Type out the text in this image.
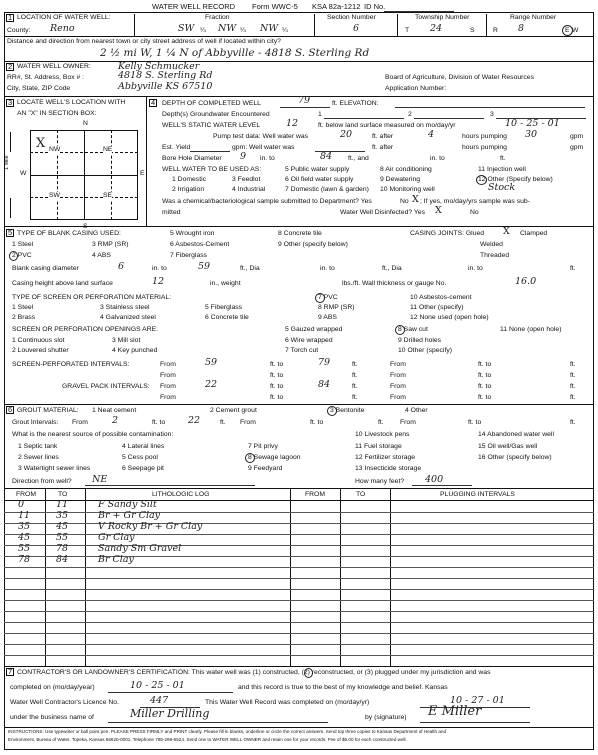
WATER WELL RECORD Form WWC-5 KSA 82a-1212 ID No.
1 LOCATION OF WATER WELL:	Fraction	Section Number	Township Number	Range Number
County: Reno	SW ¼ NW ¼ NW ¼	6	T 24	S	R 8	E W
Distance and direction from nearest town or city street address of well if located within city?
2 ½ mi W, 1 ¼ N of Abbyville - 4818 S. Sterling Rd
2 WATER WELL OWNER:	Kelly Schmucker
RR#, St. Address, Box # :	4818 S. Sterling Rd
City, State, ZIP Code	Abbyville KS 67510
Board of Agriculture, Division of Water Resources
Application Number:
3 LOCATE WELL'S LOCATION WITH
AN "X" IN SECTION BOX:
N
S
W	E
NW	NE
SW	SE
X
1 Mile
4 DEPTH OF COMPLETED WELL	79	ft. ELEVATION:
Depth(s) Groundwater Encountered	1	2	3
WELL'S STATIC WATER LEVEL	12	ft. below land surface measured on mo/day/yr	10 - 25 - 01
Pump test data: Well water was	20	ft. after	4	hours pumping 30	gpm
Est. Yield	gpm: Well water was	ft. after	hours pumping	gpm
Bore Hole Diameter 9 in. to	84 ft., and	in. to	ft.
WELL WATER TO BE USED AS:
1 Domestic
2 Irrigation
3 Feedlot
4 Industrial
5 Public water supply
6 Oil field water supply
7 Domestic (lawn & garden)
8 Air conditioning
9 Dewatering
10 Monitoring well
11 Injection well
12 Other (Specify below)
Stock
Was a chemical/bacteriological sample submitted to Department? Yes	No X ; If yes, mo/day/yrs sample was sub-
mitted	Water Well Disinfected? Yes X	No
5 TYPE OF BLANK CASING USED:
1 Steel
2 PVC
3 RMP (SR)
4 ABS
5 Wrought iron
6 Asbestos-Cement
7 Fiberglass
8 Concrete tile
9 Other (specify below)
CASING JOINTS: Glued X Clamped
Welded
Threaded
Blank casing diameter	6	in. to	59	ft., Dia	in. to	ft., Dia	in. to	ft.
Casing height above land surface	12	in., weight	lbs./ft. Wall thickness or gauge No.	16.0
TYPE OF SCREEN OR PERFORATION MATERIAL:
1 Steel
2 Brass
3 Stainless steel
4 Galvanized steel
5 Fiberglass
6 Concrete tile
7 PVC
8 RMP (SR)
9 ABS
10 Asbestos-cement
11 Other (specify)
12 None used (open hole)
SCREEN OR PERFORATION OPENINGS ARE:
1 Continuous slot
2 Louvered shutter
3 Mill slot
4 Key punched
5 Gauzed wrapped
6 Wire wrapped
7 Torch cut
8 Saw cut
9 Drilled holes
10 Other (specify)
11 None (open hole)
SCREEN-PERFORATED INTERVALS:	From	59	ft. to	79	ft.	From	ft. to	ft.
From	ft. to	ft.	From	ft. to	ft.
GRAVEL PACK INTERVALS: From	22	ft. to	84	ft.	From	ft. to	ft.
From	ft. to	ft.	From	ft. to	ft.
6 GROUT MATERIAL: 1 Neat cement	2 Cement grout	3 Bentonite	4 Other
Grout Intervals: From	2	ft. to 22	ft. From	ft. to	ft. From	ft. to	ft.
What is the nearest source of possible contamination:
1 Septic tank
2 Sewer lines
3 Watertight sewer lines
4 Lateral lines
5 Cess pool
6 Seepage pit
7 Pit privy
8 Sewage lagoon
9 Feedyard
10 Livestock pens
11 Fuel storage
12 Fertilizer storage
13 Insecticide storage
14 Abandoned water well
15 Oil well/Gas well
16 Other (specify below)
Direction from well? NE	How many feet? 400
FROM	TO	LITHOLOGIC LOG	FROM	TO	PLUGGING INTERVALS
0	11	F Sandy Silt
11	35	Br + Gr Clay
35	45	V Rocky Br + Gr Clay
45	55	Gr Clay
55	78	Sandy Sm Gravel
78	84	Br Clay
7 CONTRACTOR'S OR LANDOWNER'S CERTIFICATION: This water well was (1) constructed, (2) reconstructed, or (3) plugged under my jurisdiction and was
completed on (mo/day/year)	10 - 25 - 01	and this record is true to the best of my knowledge and belief. Kansas
Water Well Contractor's Licence No.	447	This Water Well Record was completed on (mo/day/yr)	10 - 27 - 01
under the business name of	Miller Drilling	by (signature) E Miller
INSTRUCTIONS: Use typewriter or ball point pen. PLEASE PRESS FIRMLY and PRINT clearly. Please fill in blanks, underline or circle the correct answers. Send top three copies to Kansas Department of Health and
Environment, Bureau of Water, Topeka, Kansas 66620-0001. Telephone 785-296-5524. Send one to WATER WELL OWNER and retain one for your records. Fee of $5.00 for each constructed well.
